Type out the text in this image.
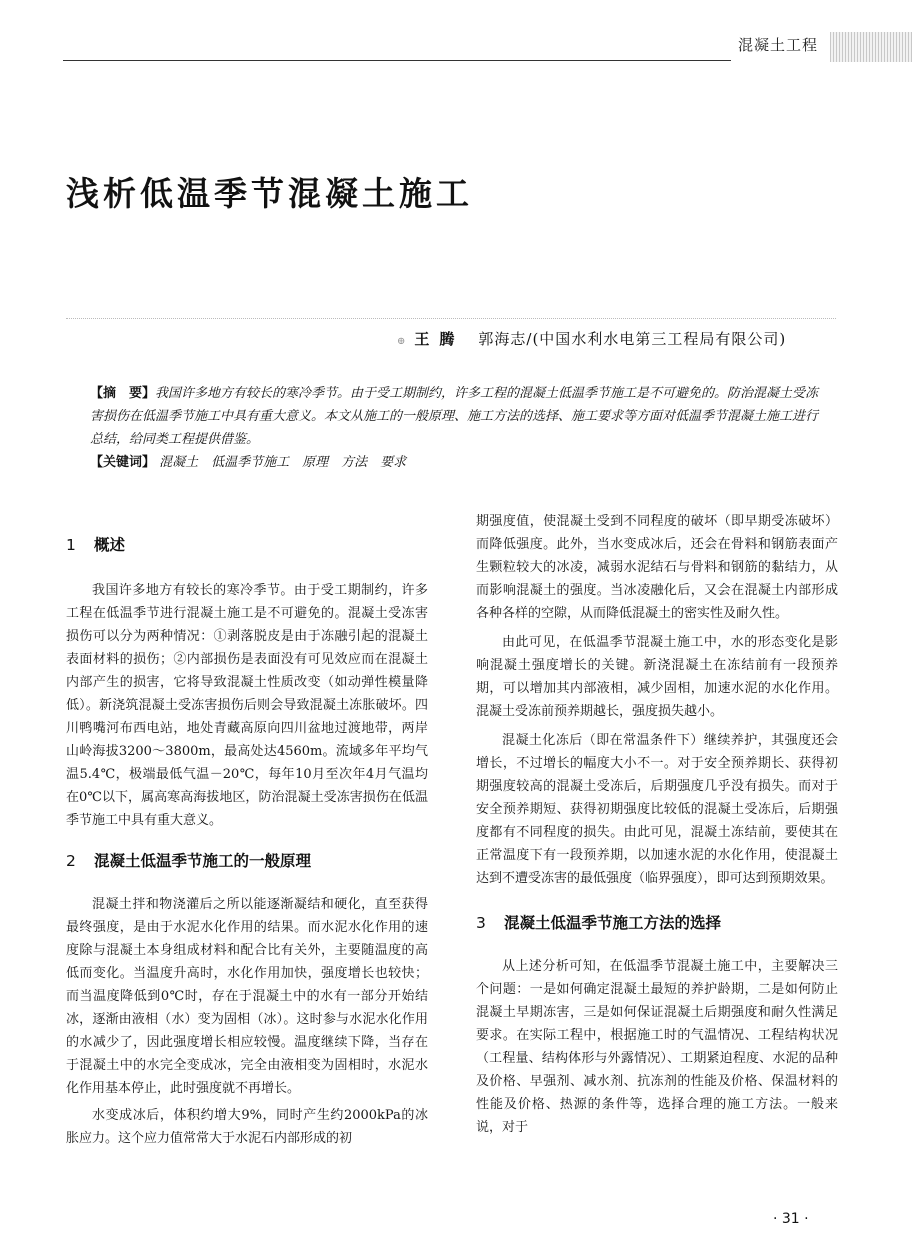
混凝土工程
浅析低温季节混凝土施工
⊕ 王腾 郭海志/(中国水利水电第三工程局有限公司)

【摘　要】我国许多地方有较长的寒冷季节。由于受工期制约，许多工程的混凝土低温季节施工是不可避免的。防治混凝土受冻害损伤在低温季节施工中具有重大意义。本文从施工的一般原理、施工方法的选择、施工要求等方面对低温季节混凝土施工进行总结，给同类工程提供借鉴。

【关键词】 混凝土　低温季节施工　原理　方法　要求

1 概述

我国许多地方有较长的寒冷季节。由于受工期制约，许多工程在低温季节进行混凝土施工是不可避免的。混凝土受冻害损伤可以分为两种情况：①剥落脱皮是由于冻融引起的混凝土表面材料的损伤；②内部损伤是表面没有可见效应而在混凝土内部产生的损害，它将导致混凝土性质改变（如动弹性模量降低）。新浇筑混凝土受冻害损伤后则会导致混凝土冻胀破坏。四川鸭嘴河布西电站，地处青藏高原向四川盆地过渡地带，两岸山岭海拔3200～3800m，最高处达4560m。流域多年平均气温5.4℃，极端最低气温－20℃，每年10月至次年4月气温均在0℃以下，属高寒高海拔地区，防治混凝土受冻害损伤在低温季节施工中具有重大意义。

2 混凝土低温季节施工的一般原理

混凝土拌和物浇灌后之所以能逐渐凝结和硬化，直至获得最终强度，是由于水泥水化作用的结果。而水泥水化作用的速度除与混凝土本身组成材料和配合比有关外，主要随温度的高低而变化。当温度升高时，水化作用加快，强度增长也较快；而当温度降低到0℃时，存在于混凝土中的水有一部分开始结冰，逐渐由液相（水）变为固相（冰）。这时参与水泥水化作用的水减少了，因此强度增长相应较慢。温度继续下降，当存在于混凝土中的水完全变成冰，完全由液相变为固相时，水泥水化作用基本停止，此时强度就不再增长。

水变成冰后，体积约增大9%，同时产生约2000kPa的冰胀应力。这个应力值常常大于水泥石内部形成的初

期强度值，使混凝土受到不同程度的破坏（即早期受冻破坏）而降低强度。此外，当水变成冰后，还会在骨料和钢筋表面产生颗粒较大的冰凌，减弱水泥结石与骨料和钢筋的黏结力，从而影响混凝土的强度。当冰凌融化后，又会在混凝土内部形成各种各样的空隙，从而降低混凝土的密实性及耐久性。

由此可见，在低温季节混凝土施工中，水的形态变化是影响混凝土强度增长的关键。新浇混凝土在冻结前有一段预养期，可以增加其内部液相，减少固相，加速水泥的水化作用。混凝土受冻前预养期越长，强度损失越小。

混凝土化冻后（即在常温条件下）继续养护，其强度还会增长，不过增长的幅度大小不一。对于安全预养期长、获得初期强度较高的混凝土受冻后，后期强度几乎没有损失。而对于安全预养期短、获得初期强度比较低的混凝土受冻后，后期强度都有不同程度的损失。由此可见，混凝土冻结前，要使其在正常温度下有一段预养期，以加速水泥的水化作用，使混凝土达到不遭受冻害的最低强度（临界强度），即可达到预期效果。

3 混凝土低温季节施工方法的选择

从上述分析可知，在低温季节混凝土施工中，主要解决三个问题：一是如何确定混凝土最短的养护龄期，二是如何防止混凝土早期冻害，三是如何保证混凝土后期强度和耐久性满足要求。在实际工程中，根据施工时的气温情况、工程结构状况（工程量、结构体形与外露情况）、工期紧迫程度、水泥的品种及价格、早强剂、减水剂、抗冻剂的性能及价格、保温材料的性能及价格、热源的条件等，选择合理的施工方法。一般来说，对于

· 31 ·
